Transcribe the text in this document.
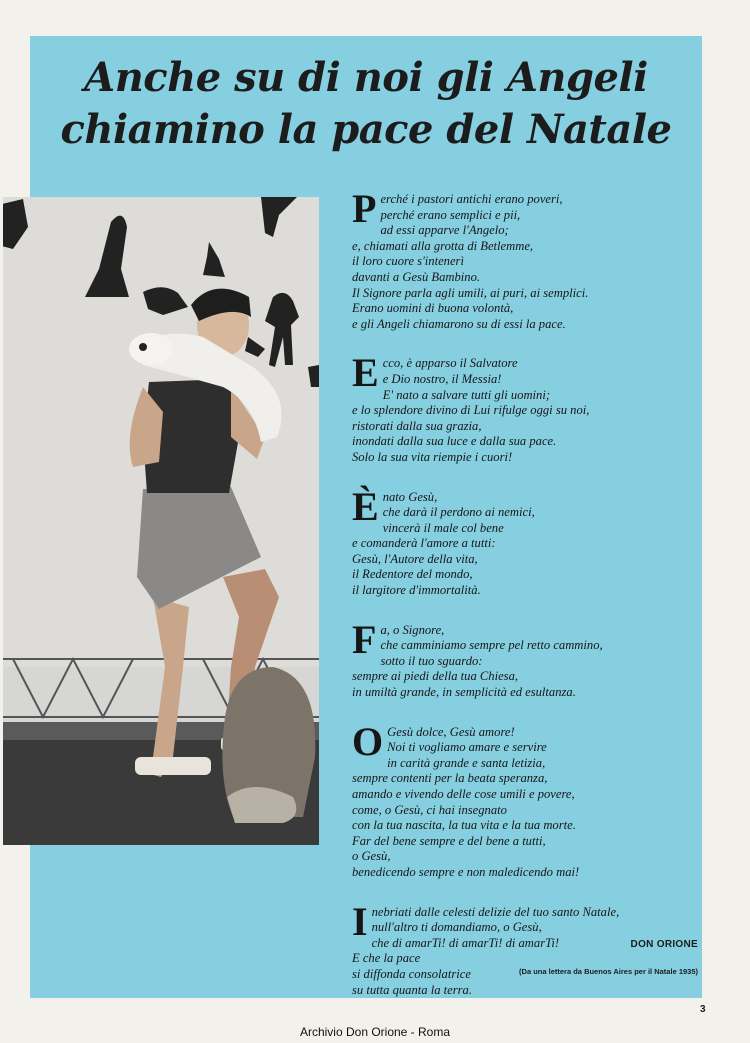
Anche su di noi gli Angeli
chiamino la pace del Natale
P erché i pastori antichi erano poveri,
perché erano semplici e pii,
ad essi apparve l'Angelo;
e, chiamati alla grotta di Betlemme,
il loro cuore s'intenerì
davanti a Gesù Bambino.
Il Signore parla agli umili, ai puri, ai semplici.
Erano uomini di buona volontà,
e gli Angeli chiamarono su di essi la pace.
E cco, è apparso il Salvatore
e Dio nostro, il Messia!
E' nato a salvare tutti gli uomini;
e lo splendore divino di Lui rifulge oggi su noi,
ristorati dalla sua grazia,
inondati dalla sua luce e dalla sua pace.
Solo la sua vita riempie i cuori!
È nato Gesù,
che darà il perdono ai nemici,
vincerà il male col bene
e comanderà l'amore a tutti:
Gesù, l'Autore della vita,
il Redentore del mondo,
il largitore d'immortalità.
F a, o Signore,
che camminiamo sempre pel retto cammino,
sotto il tuo sguardo:
sempre ai piedi della tua Chiesa,
in umiltà grande, in semplicità ed esultanza.
O Gesù dolce, Gesù amore!
Noi ti vogliamo amare e servire
in carità grande e santa letizia,
sempre contenti per la beata speranza,
amando e vivendo delle cose umili e povere,
come, o Gesù, ci hai insegnato
con la tua nascita, la tua vita e la tua morte.
Far del bene sempre e del bene a tutti,
o Gesù,
benedicendo sempre e non maledicendo mai!
I nebriati dalle celesti delizie del tuo santo Natale,
null'altro ti domandiamo, o Gesù,
che di amarTi! di amarTi! di amarTi!
E che la pace
si diffonda consolatrice
su tutta quanta la terra.
DON ORIONE
(Da una lettera da Buenos Aires per il Natale 1935)
3
Archivio Don Orione - Roma
